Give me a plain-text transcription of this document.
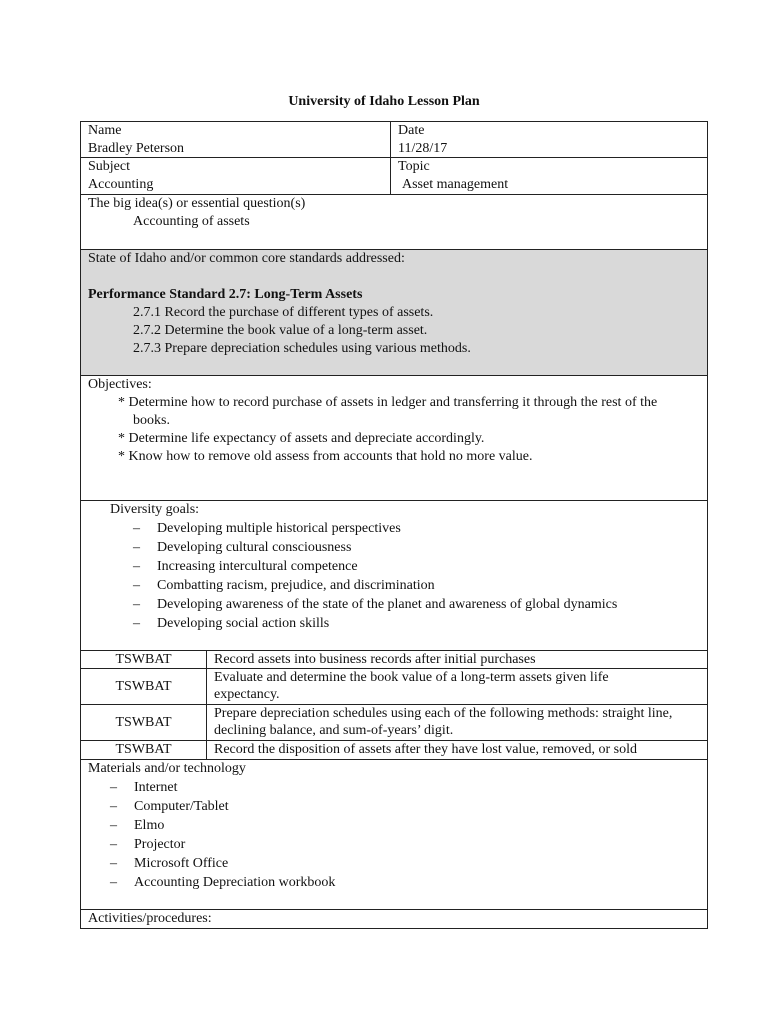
University of Idaho Lesson Plan
Name
Bradley Peterson
Date
11/28/17
Subject
Accounting
Topic
Asset management
The big idea(s) or essential question(s)
Accounting of assets
State of Idaho and/or common core standards addressed:
Performance Standard 2.7: Long-Term Assets
2.7.1 Record the purchase of different types of assets.
2.7.2 Determine the book value of a long-term asset.
2.7.3 Prepare depreciation schedules using various methods.
Objectives:
* Determine how to record purchase of assets in ledger and transferring it through the rest of the
books.
* Determine life expectancy of assets and depreciate accordingly.
* Know how to remove old assess from accounts that hold no more value.
Diversity goals:
– Developing multiple historical perspectives
– Developing cultural consciousness
– Increasing intercultural competence
– Combatting racism, prejudice, and discrimination
– Developing awareness of the state of the planet and awareness of global dynamics
– Developing social action skills
TSWBAT	Record assets into business records after initial purchases
TSWBAT
Evaluate and determine the book value of a long-term assets given life expectancy.
TSWBAT
Prepare depreciation schedules using each of the following methods: straight line, declining balance, and sum-of-years’ digit.
TSWBAT	Record the disposition of assets after they have lost value, removed, or sold
Materials and/or technology
– Internet
– Computer/Tablet
– Elmo
– Projector
– Microsoft Office
– Accounting Depreciation workbook
Activities/procedures:
